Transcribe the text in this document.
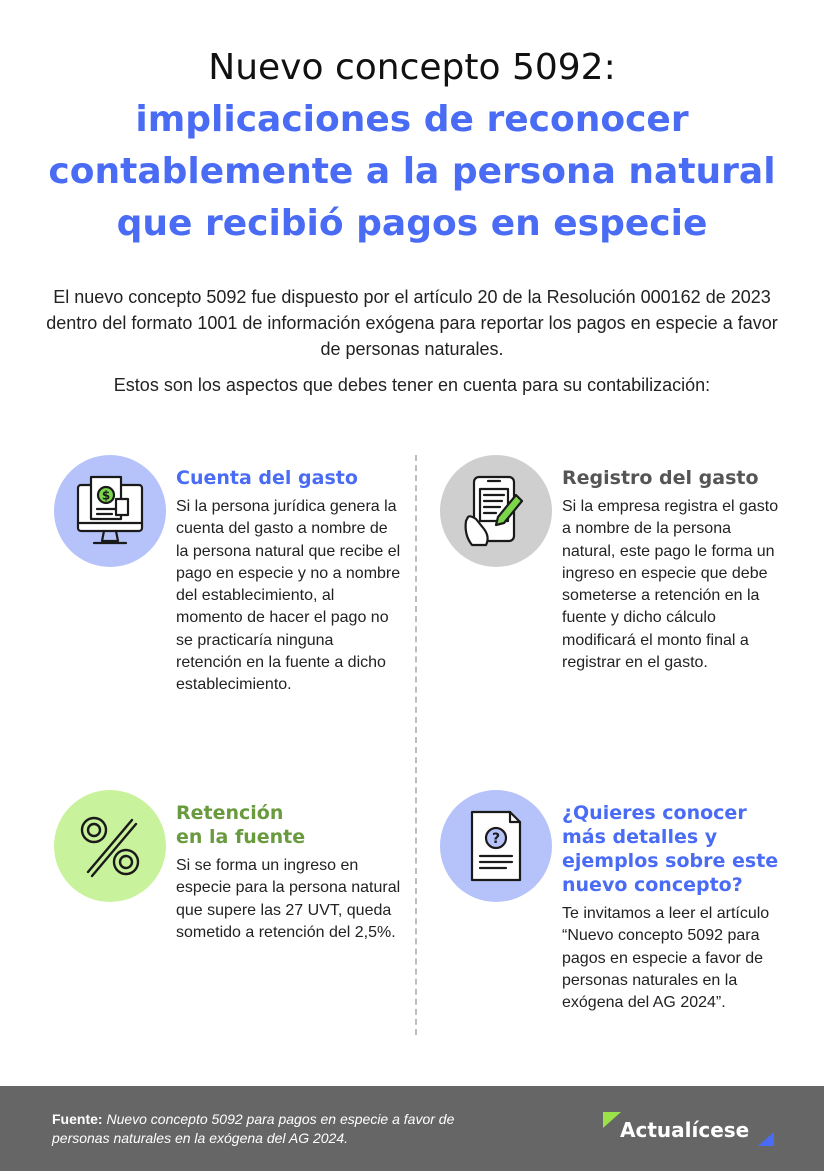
Nuevo concepto 5092:
implicaciones de reconocer
contablemente a la persona natural
que recibió pagos en especie

El nuevo concepto 5092 fue dispuesto por el artículo 20 de la Resolución 000162 de 2023 dentro del formato 1001 de información exógena para reportar los pagos en especie a favor de personas naturales.

Estos son los aspectos que debes tener en cuenta para su contabilización:

$
Cuenta del gasto
Si la persona jurídica genera la cuenta del gasto a nombre de la persona natural que recibe el pago en especie y no a nombre del establecimiento, al momento de hacer el pago no se practicaría ninguna retención en la fuente a dicho establecimiento.
Registro del gasto
Si la empresa registra el gasto a nombre de la persona natural, este pago le forma un ingreso en especie que debe someterse a retención en la fuente y dicho cálculo modificará el monto final a registrar en el gasto.
Retención
en la fuente
Si se forma un ingreso en especie para la persona natural que supere las 27 UVT, queda sometido a retención del 2,5%.
?
¿Quieres conocer más detalles y ejemplos sobre este nuevo concepto?
Te invitamos a leer el artículo “Nuevo concepto 5092 para pagos en especie a favor de personas naturales en la exógena del AG 2024”.
Fuente: Nuevo concepto 5092 para pagos en especie a favor de personas naturales en la exógena del AG 2024.	Actualícese
